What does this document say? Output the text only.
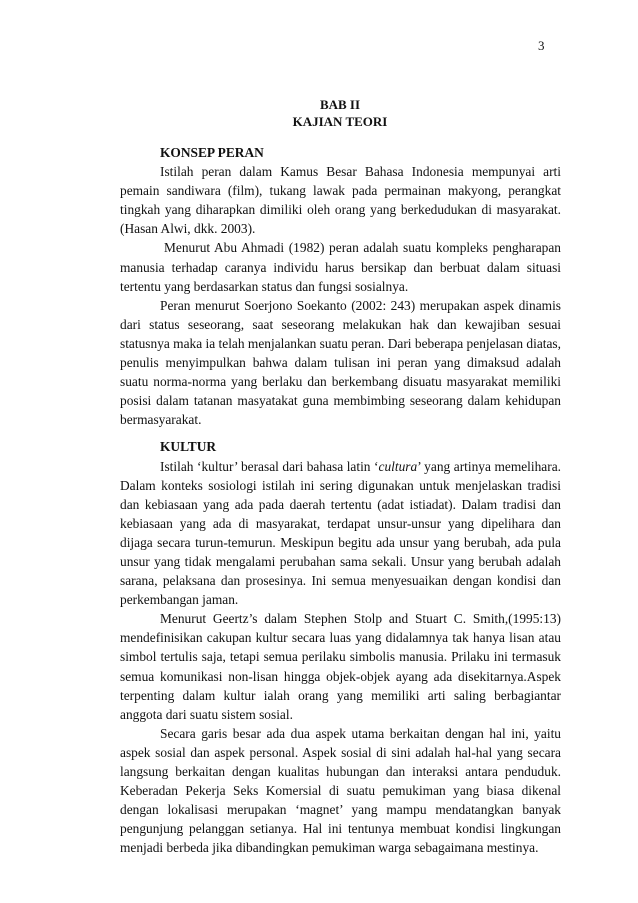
3
BAB II
KAJIAN TEORI

KONSEP PERAN

Istilah peran dalam Kamus Besar Bahasa Indonesia mempunyai arti pemain sandiwara (film), tukang lawak pada permainan makyong, perangkat tingkah yang diharapkan dimiliki oleh orang yang berkedudukan di masyarakat. (Hasan Alwi, dkk. 2003).

Menurut Abu Ahmadi (1982) peran adalah suatu kompleks pengharapan manusia terhadap caranya individu harus bersikap dan berbuat dalam situasi tertentu yang berdasarkan status dan fungsi sosialnya.

Peran menurut Soerjono Soekanto (2002: 243) merupakan aspek dinamis dari status seseorang, saat seseorang melakukan hak dan kewajiban sesuai statusnya maka ia telah menjalankan suatu peran. Dari beberapa penjelasan diatas, penulis menyimpulkan bahwa dalam tulisan ini peran yang dimaksud adalah suatu norma-norma yang berlaku dan berkembang disuatu masyarakat memiliki posisi dalam tatanan masyatakat guna membimbing seseorang dalam kehidupan bermasyarakat.

KULTUR

Istilah ‘kultur’ berasal dari bahasa latin ‘cultura’ yang artinya memelihara. Dalam konteks sosiologi istilah ini sering digunakan untuk menjelaskan tradisi dan kebiasaan yang ada pada daerah tertentu (adat istiadat). Dalam tradisi dan kebiasaan yang ada di masyarakat, terdapat unsur-unsur yang dipelihara dan dijaga secara turun-temurun. Meskipun begitu ada unsur yang berubah, ada pula unsur yang tidak mengalami perubahan sama sekali. Unsur yang berubah adalah sarana, pelaksana dan prosesinya. Ini semua menyesuaikan dengan kondisi dan perkembangan jaman.

Menurut Geertz’s dalam Stephen Stolp and Stuart C. Smith,(1995:13) mendefinisikan cakupan kultur secara luas yang didalamnya tak hanya lisan atau simbol tertulis saja, tetapi semua perilaku simbolis manusia. Prilaku ini termasuk semua komunikasi non-lisan hingga objek-objek ayang ada disekitarnya.Aspek terpenting dalam kultur ialah orang yang memiliki arti saling berbagiantar anggota dari suatu sistem sosial.

Secara garis besar ada dua aspek utama berkaitan dengan hal ini, yaitu aspek sosial dan aspek personal. Aspek sosial di sini adalah hal-hal yang secara langsung berkaitan dengan kualitas hubungan dan interaksi antara penduduk. Keberadan Pekerja Seks Komersial di suatu pemukiman yang biasa dikenal dengan lokalisasi merupakan ‘magnet’ yang mampu mendatangkan banyak pengunjung pelanggan setianya. Hal ini tentunya membuat kondisi lingkungan menjadi berbeda jika dibandingkan pemukiman warga sebagaimana mestinya.
